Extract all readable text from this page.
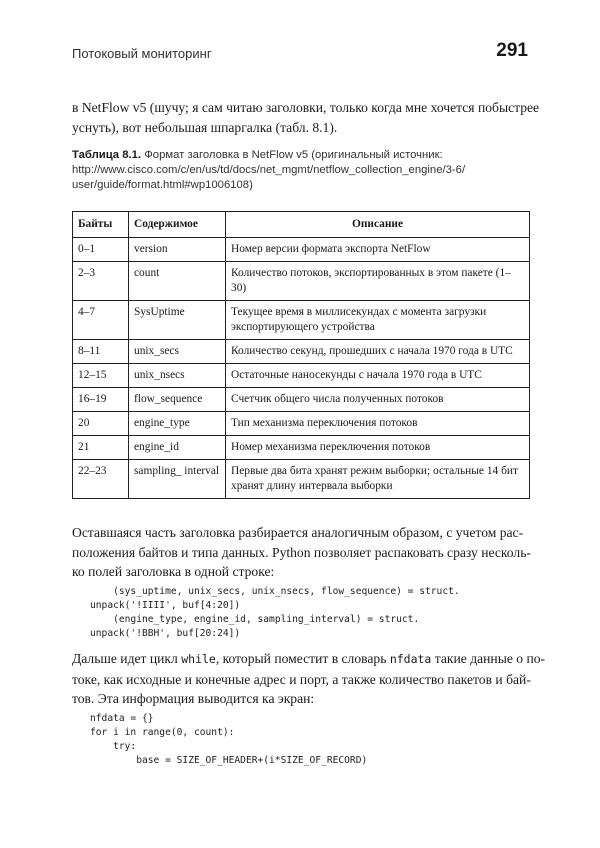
Потоковый мониторинг	291
в NetFlow v5 (шучу; я сам читаю заголовки, только когда мне хочется побыстрее
уснуть), вот небольшая шпаргалка (табл. 8.1).
Таблица 8.1. Формат заголовка в NetFlow v5 (оригинальный источник:
http://www.cisco.com/c/en/us/td/docs/net_mgmt/netflow_collection_engine/3-6/
user/guide/format.html#wp1006108)
Байты	Содержимое	Описание
0–1	version	Номер версии формата экспорта NetFlow
2–3	count	Количество потоков, экспортированных в этом пакете (1–30)
4–7	SysUptime	Текущее время в миллисекундах с момента загрузки экспортирующего устройства
8–11	unix_secs	Количество секунд, прошедших с начала 1970 года в UTC
12–15	unix_nsecs	Остаточные наносекунды с начала 1970 года в UTC
16–19	flow_sequence	Счетчик общего числа полученных потоков
20	engine_type	Тип механизма переключения потоков
21	engine_id	Номер механизма переключения потоков
22–23	sampling_ interval	Первые два бита хранят режим выборки; остальные 14 бит хранят длину интервала выборки
Оставшаяся часть заголовка разбирается аналогичным образом, с учетом рас-
положения байтов и типа данных. Python позволяет распаковать сразу несколь-
ко полей заголовка в одной строке:
(sys_uptime, unix_secs, unix_nsecs, flow_sequence) = struct.
unpack('!IIII', buf[4:20])
(engine_type, engine_id, sampling_interval) = struct.
unpack('!BBH', buf[20:24])
Дальше идет цикл while, который поместит в словарь nfdata такие данные о по-
токе, как исходные и конечные адрес и порт, а также количество пакетов и бай-
тов. Эта информация выводится ка экран:
nfdata = {}
for i in range(0, count):
try:
base = SIZE_OF_HEADER+(i*SIZE_OF_RECORD)
